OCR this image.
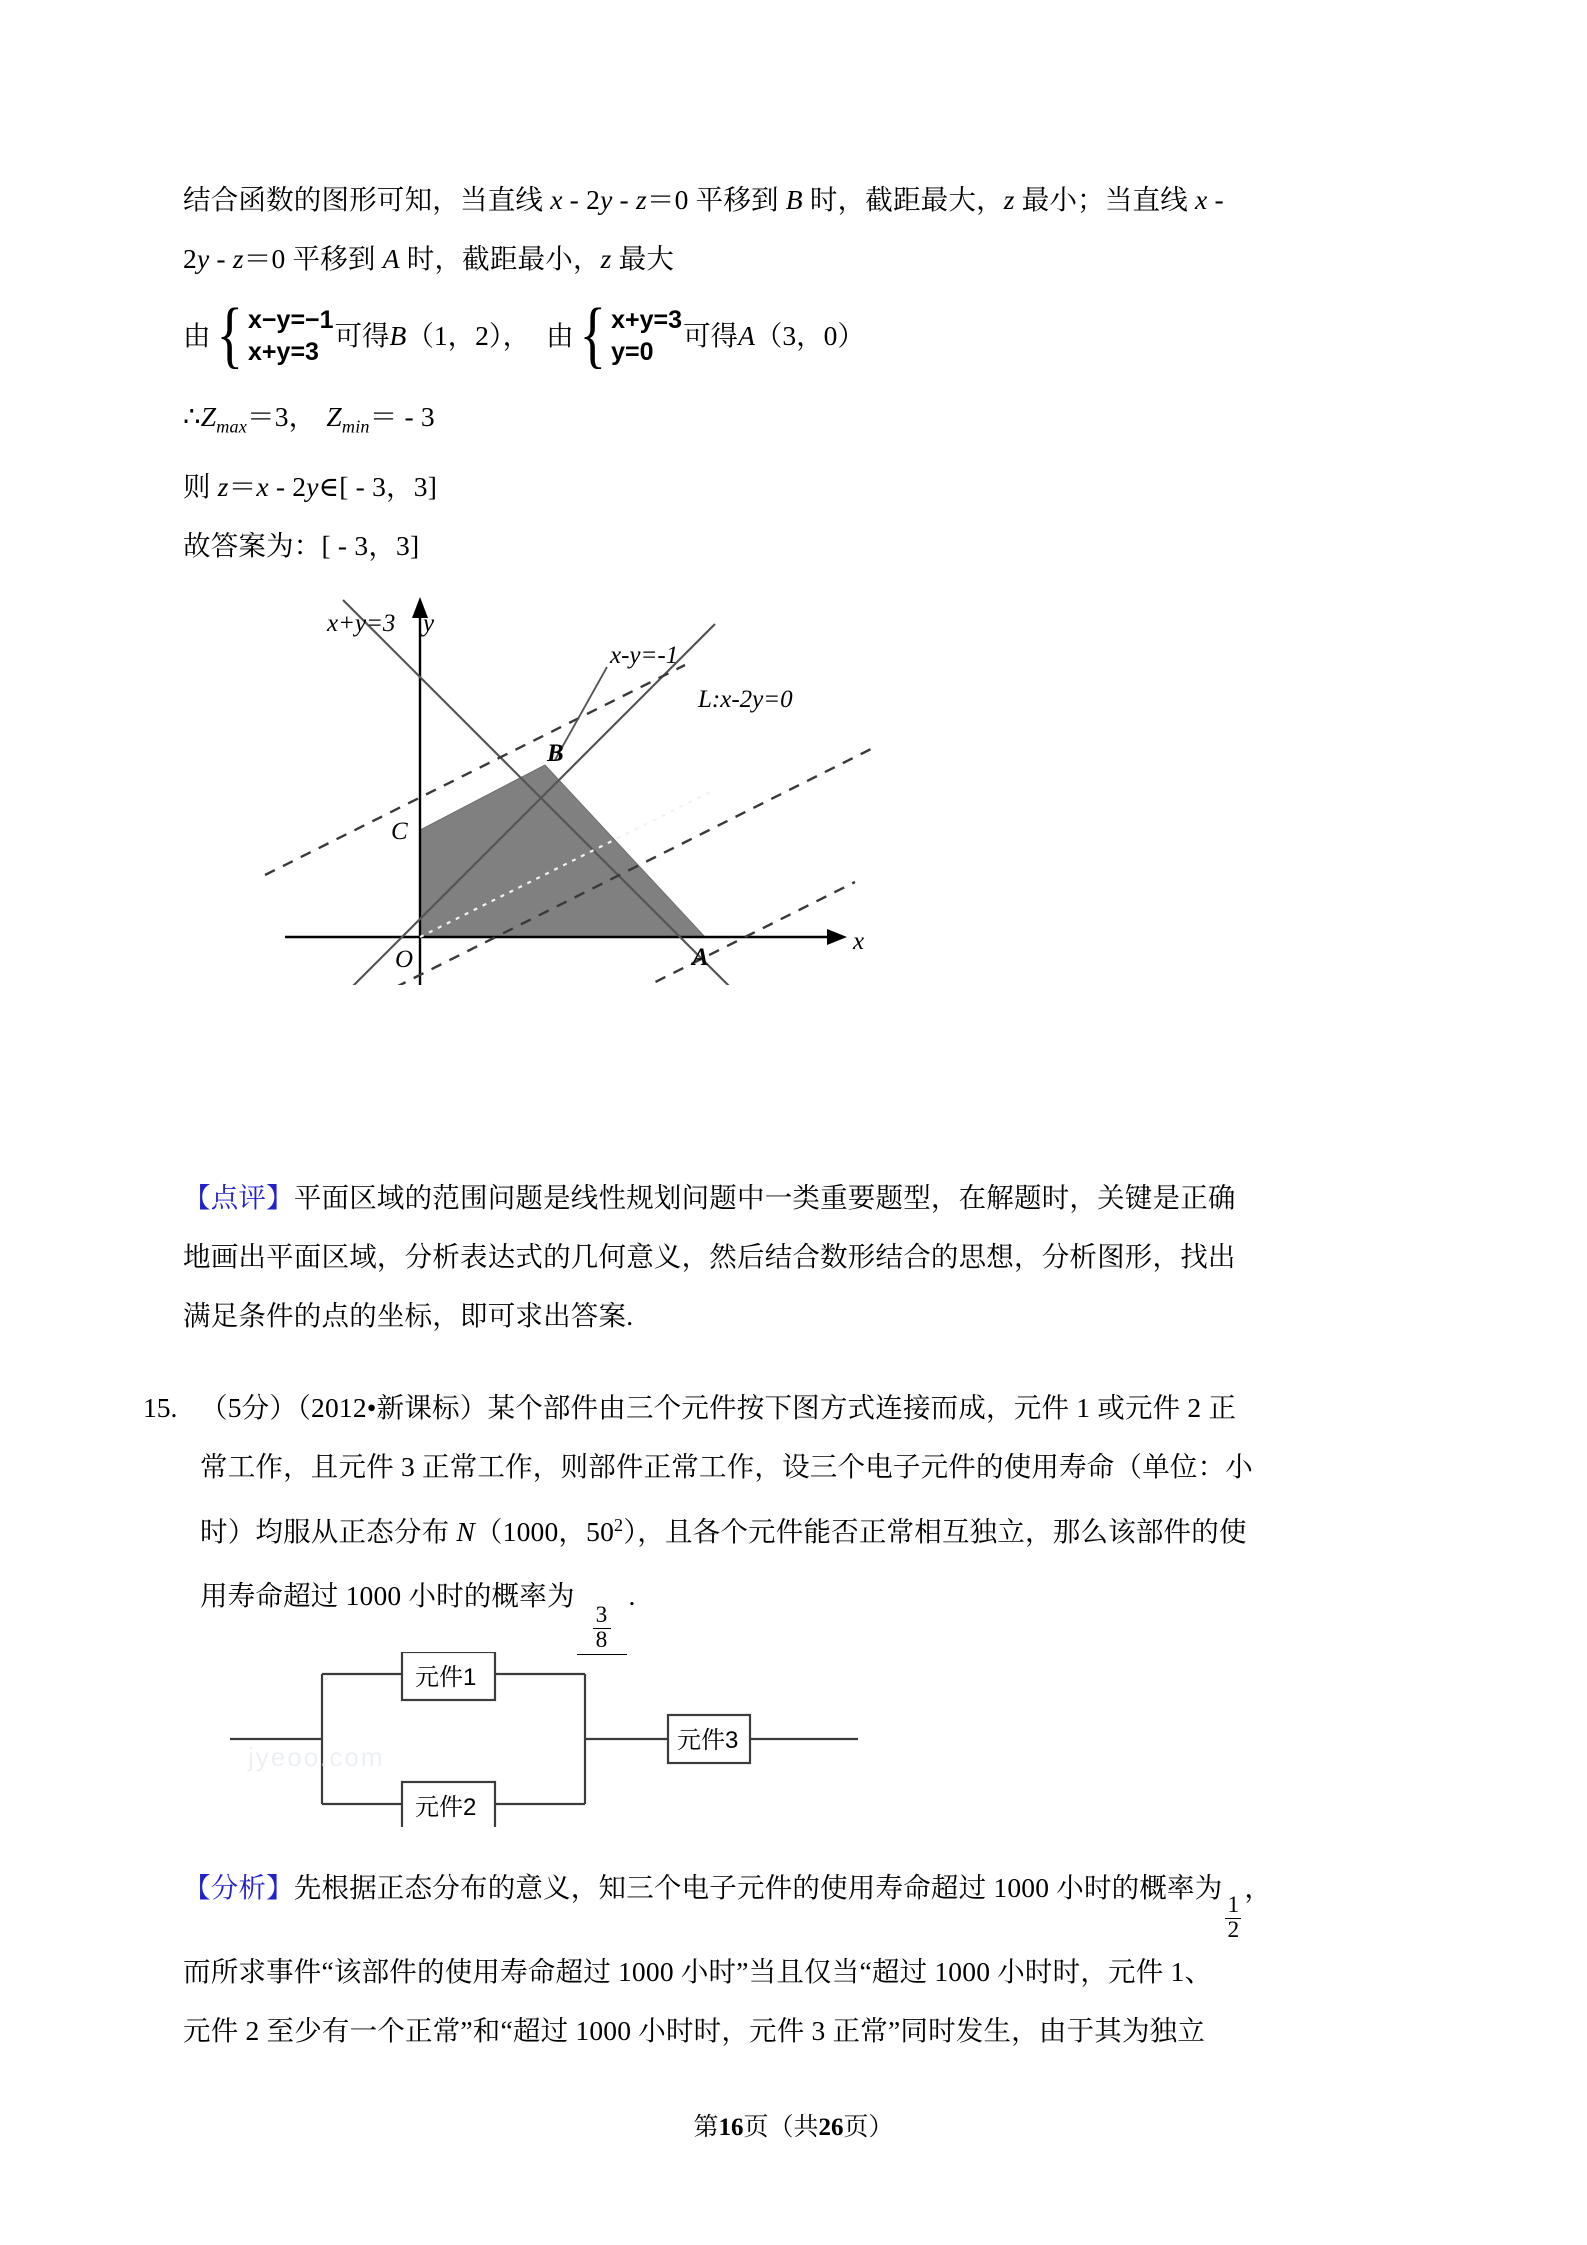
结合函数的图形可知，当直线 x - 2y - z＝0 平移到 B 时，截距最大，z 最小；当直线 x -

2y - z＝0 平移到 A 时，截距最小，z 最大

由 { x−y=−1
x+y=3
可得 B （1，2）， 由 { x+y=3
y=0
可得 A （3，0）

$\therefore Z_{max}=3$， $Z_{min}= - 3$

则 z＝x - 2y∈[ - 3，3]

故答案为：[ - 3，3]

x+y=3 y
x-y=-1
L:x-2y=0
B
C
O	A
x

【点评】平面区域的范围问题是线性规划问题中一类重要题型，在解题时，关键是正确

地画出平面区域，分析表达式的几何意义，然后结合数形结合的思想，分析图形，找出

满足条件的点的坐标，即可求出答案.

15. （5分）（2012•新课标）某个部件由三个元件按下图方式连接而成，元件 1 或元件 2 正

常工作，且元件 3 正常工作，则部件正常工作，设三个电子元件的使用寿命（单位：小

时）均服从正态分布 N（1000，$50^2$），且各个元件能否正常相互独立，那么该部件的使

用寿命超过 1000 小时的概率为
$\frac{3}{8}$
.

元件1
元件2
元件3
jyeoo.com

【分析】先根据正态分布的意义，知三个电子元件的使用寿命超过 1000 小时的概率为
$\frac{1}{2}$
，

而所求事件“该部件的使用寿命超过 1000 小时”当且仅当“超过 1000 小时时，元件 1、

元件 2 至少有一个正常”和“超过 1000 小时时，元件 3 正常”同时发生，由于其为独立

第16页（共26页）
